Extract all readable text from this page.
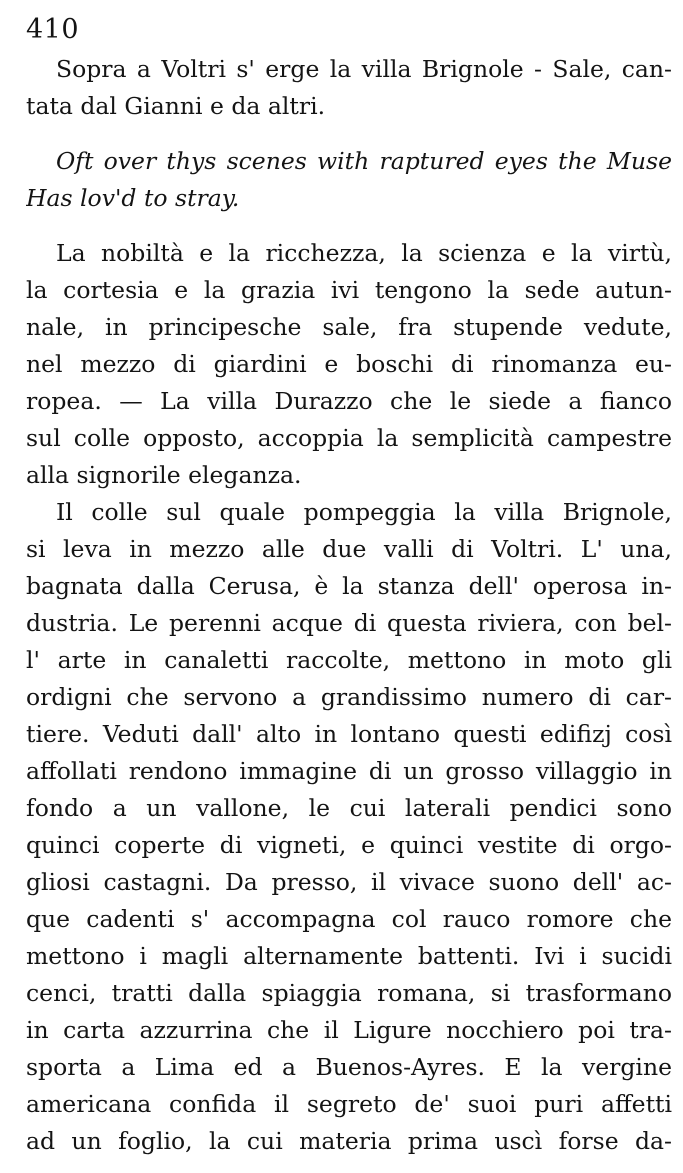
410
Sopra a Voltri s' erge la villa Brignole - Sale, can-
tata dal Gianni e da altri.
Oft over thys scenes with raptured eyes the Muse
Has lov'd to stray.
La nobiltà e la ricchezza, la scienza e la virtù,
la cortesia e la grazia ivi tengono la sede autun-
nale, in principesche sale, fra stupende vedute,
nel mezzo di giardini e boschi di rinomanza eu-
ropea. — La villa Durazzo che le siede a fianco
sul colle opposto, accoppia la semplicità campestre
alla signorile eleganza.
Il colle sul quale pompeggia la villa Brignole,
si leva in mezzo alle due valli di Voltri. L' una,
bagnata dalla Cerusa, è la stanza dell' operosa in-
dustria. Le perenni acque di questa riviera, con bel-
l' arte in canaletti raccolte, mettono in moto gli
ordigni che servono a grandissimo numero di car-
tiere. Veduti dall' alto in lontano questi edifizj così
affollati rendono immagine di un grosso villaggio in
fondo a un vallone, le cui laterali pendici sono
quinci coperte di vigneti, e quinci vestite di orgo-
gliosi castagni. Da presso, il vivace suono dell' ac-
que cadenti s' accompagna col rauco romore che
mettono i magli alternamente battenti. Ivi i sucidi
cenci, tratti dalla spiaggia romana, si trasformano
in carta azzurrina che il Ligure nocchiero poi tra-
sporta a Lima ed a Buenos-Ayres. E la vergine
americana confida il segreto de' suoi puri affetti
ad un foglio, la cui materia prima uscì forse da-
